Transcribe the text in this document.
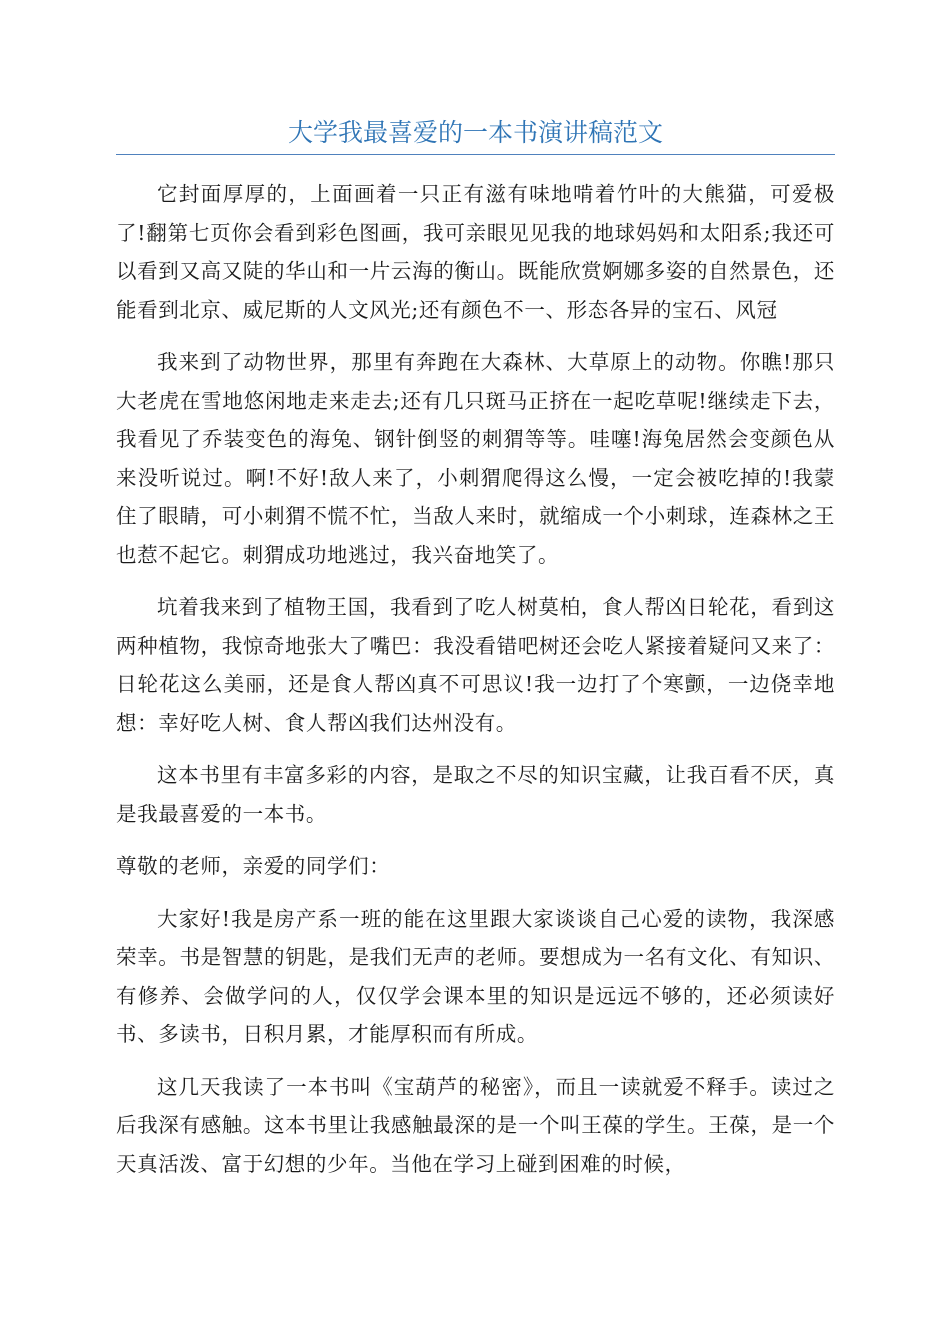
大学我最喜爱的一本书演讲稿范文

它封面厚厚的，上面画着一只正有滋有味地啃着竹叶的大熊猫，可爱极了!翻第七页你会看到彩色图画，我可亲眼见见我的地球妈妈和太阳系;我还可以看到又高又陡的华山和一片云海的衡山。既能欣赏婀娜多姿的自然景色，还能看到北京、威尼斯的人文风光;还有颜色不一、形态各异的宝石、风冠

我来到了动物世界，那里有奔跑在大森林、大草原上的动物。你瞧!那只大老虎在雪地悠闲地走来走去;还有几只斑马正挤在一起吃草呢!继续走下去，我看见了乔装变色的海兔、钢针倒竖的刺猬等等。哇噻!海兔居然会变颜色从来没听说过。啊!不好!敌人来了，小刺猬爬得这么慢，一定会被吃掉的!我蒙住了眼睛，可小刺猬不慌不忙，当敌人来时，就缩成一个小刺球，连森林之王也惹不起它。刺猬成功地逃过，我兴奋地笑了。

坑着我来到了植物王国，我看到了吃人树莫柏，食人帮凶日轮花，看到这两种植物，我惊奇地张大了嘴巴：我没看错吧树还会吃人紧接着疑问又来了：日轮花这么美丽，还是食人帮凶真不可思议!我一边打了个寒颤，一边侥幸地想：幸好吃人树、食人帮凶我们达州没有。

这本书里有丰富多彩的内容，是取之不尽的知识宝藏，让我百看不厌，真是我最喜爱的一本书。

尊敬的老师，亲爱的同学们：

大家好!我是房产系一班的能在这里跟大家谈谈自己心爱的读物，我深感荣幸。书是智慧的钥匙，是我们无声的老师。要想成为一名有文化、有知识、有修养、会做学问的人，仅仅学会课本里的知识是远远不够的，还必须读好书、多读书，日积月累，才能厚积而有所成。

这几天我读了一本书叫《宝葫芦的秘密》，而且一读就爱不释手。读过之后我深有感触。这本书里让我感触最深的是一个叫王葆的学生。王葆，是一个天真活泼、富于幻想的少年。当他在学习上碰到困难的时候，
